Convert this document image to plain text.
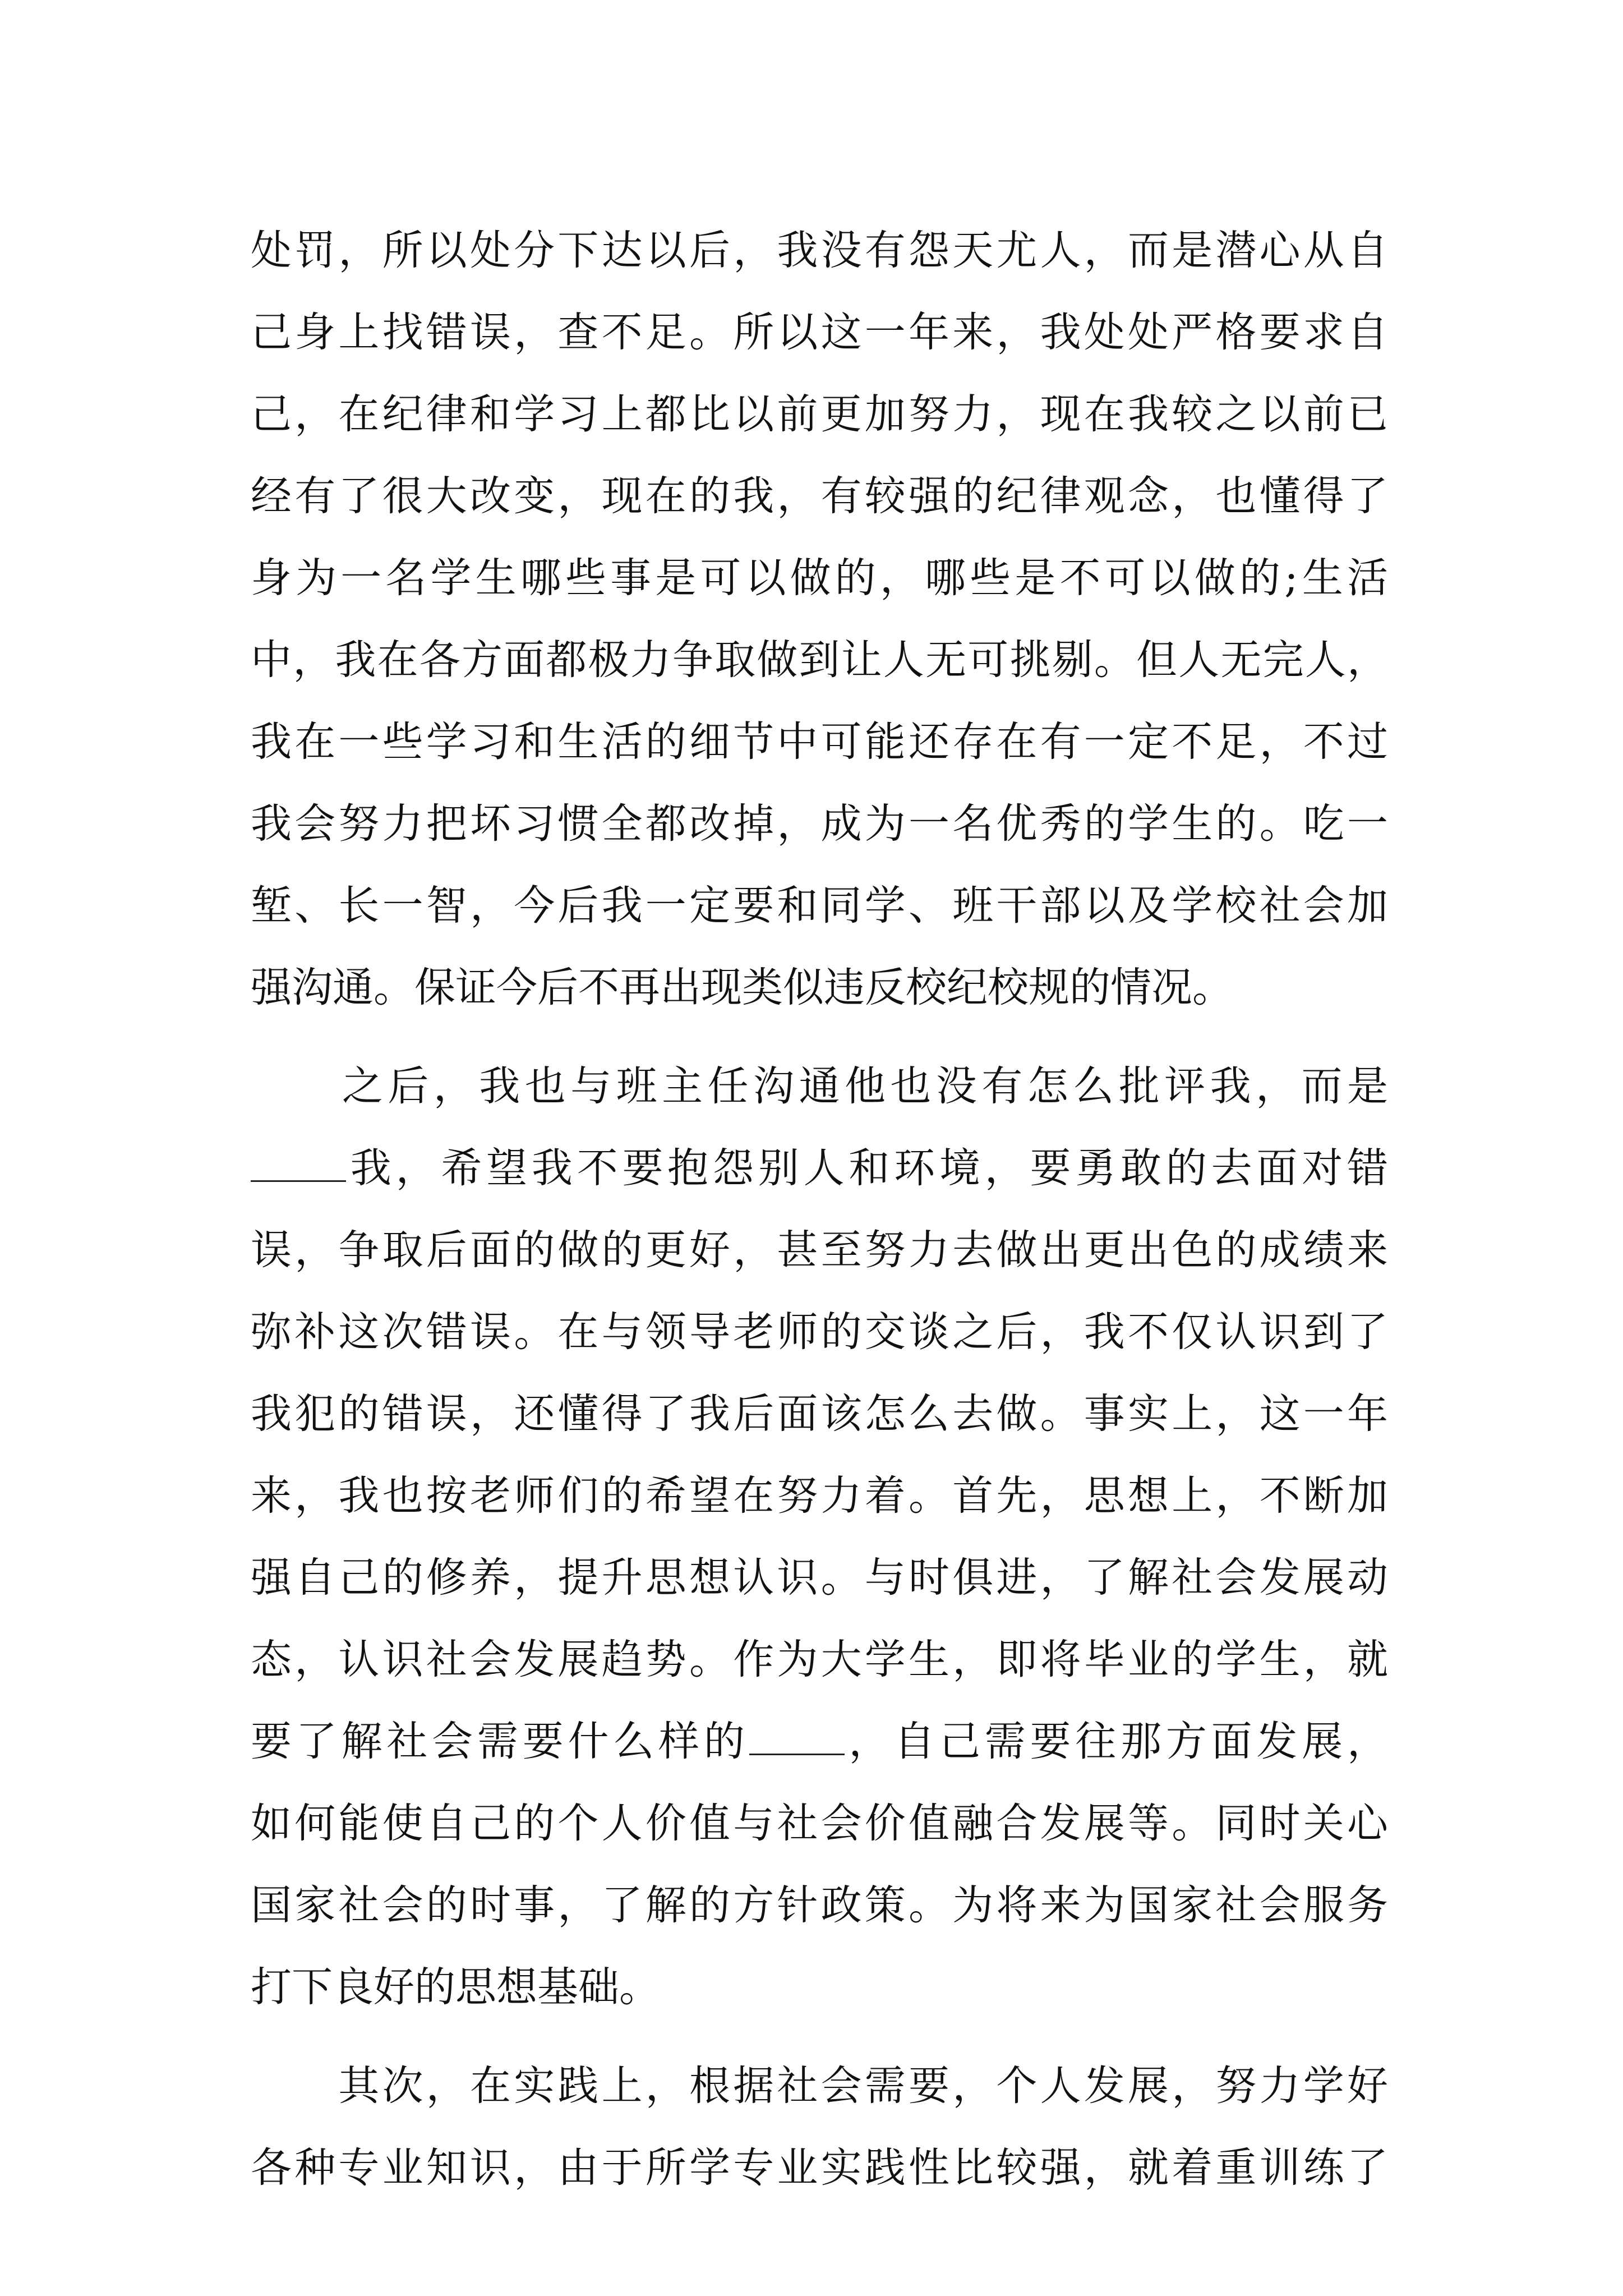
处罚，所以处分下达以后，我没有怨天尤人，而是潜心从自
己身上找错误，查不足。所以这一年来，我处处严格要求自
己，在纪律和学习上都比以前更加努力，现在我较之以前已
经有了很大改变，现在的我，有较强的纪律观念，也懂得了
身为一名学生哪些事是可以做的，哪些是不可以做的;生活
中，我在各方面都极力争取做到让人无可挑剔。但人无完人，
我在一些学习和生活的细节中可能还存在有一定不足，不过
我会努力把坏习惯全都改掉，成为一名优秀的学生的。吃一
堑、长一智，今后我一定要和同学、班干部以及学校社会加
强沟通。保证今后不再出现类似违反校纪校规的情况。
　　之后，我也与班主任沟通他也没有怎么批评我，而是
我，希望我不要抱怨别人和环境，要勇敢的去面对错
误，争取后面的做的更好，甚至努力去做出更出色的成绩来
弥补这次错误。在与领导老师的交谈之后，我不仅认识到了
我犯的错误，还懂得了我后面该怎么去做。事实上，这一年
来，我也按老师们的希望在努力着。首先，思想上，不断加
强自己的修养，提升思想认识。与时俱进，了解社会发展动
态，认识社会发展趋势。作为大学生，即将毕业的学生，就
要了解社会需要什么样的 ，自己需要往那方面发展，
如何能使自己的个人价值与社会价值融合发展等。同时关心
国家社会的时事，了解的方针政策。为将来为国家社会服务
打下良好的思想基础。
　　其次，在实践上，根据社会需要，个人发展，努力学好
各种专业知识，由于所学专业实践性比较强，就着重训练了
